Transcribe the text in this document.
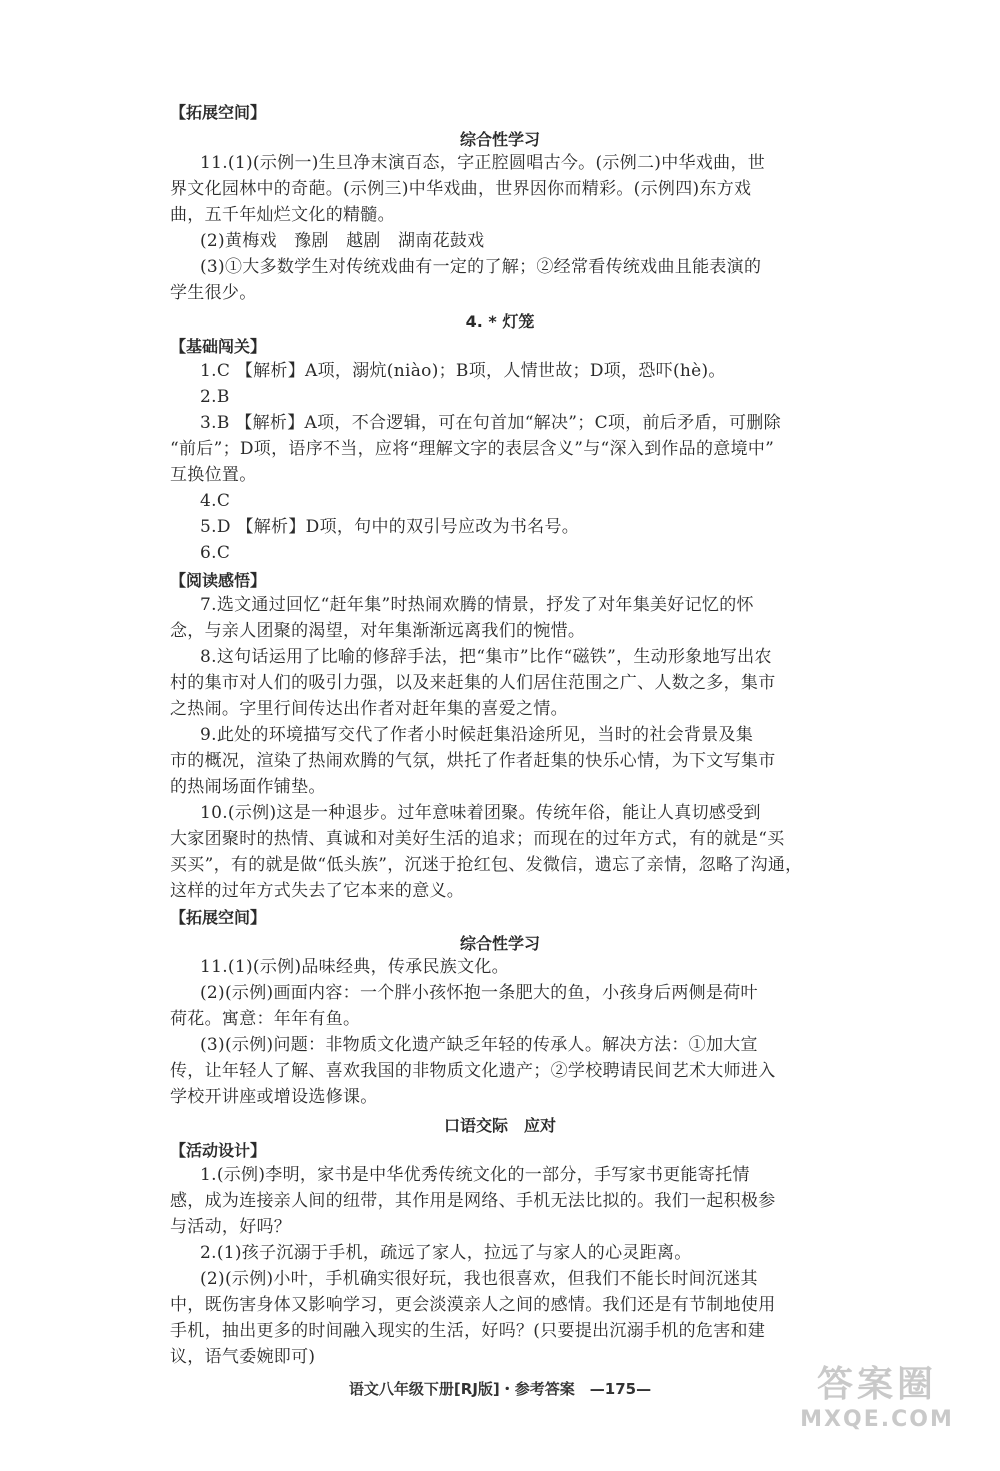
【拓展空间】
综合性学习
11.(1)(示例一)生旦净末演百态，字正腔圆唱古今。(示例二)中华戏曲，世
界文化园林中的奇葩。(示例三)中华戏曲，世界因你而精彩。(示例四)东方戏
曲，五千年灿烂文化的精髓。
(2)黄梅戏　豫剧　越剧　湖南花鼓戏
(3)①大多数学生对传统戏曲有一定的了解；②经常看传统戏曲且能表演的
学生很少。
4. * 灯笼
【基础闯关】
1.C 【解析】A项，溺炕(niào)；B项，人情世故；D项，恐吓(hè)。
2.B
3.B 【解析】A项，不合逻辑，可在句首加“解决”；C项，前后矛盾，可删除
“前后”；D项，语序不当，应将“理解文字的表层含义”与“深入到作品的意境中”
互换位置。
4.C
5.D 【解析】D项，句中的双引号应改为书名号。
6.C
【阅读感悟】
7.选文通过回忆“赶年集”时热闹欢腾的情景，抒发了对年集美好记忆的怀
念，与亲人团聚的渴望，对年集渐渐远离我们的惋惜。
8.这句话运用了比喻的修辞手法，把“集市”比作“磁铁”，生动形象地写出农
村的集市对人们的吸引力强，以及来赶集的人们居住范围之广、人数之多，集市
之热闹。字里行间传达出作者对赶年集的喜爱之情。
9.此处的环境描写交代了作者小时候赶集沿途所见，当时的社会背景及集
市的概况，渲染了热闹欢腾的气氛，烘托了作者赶集的快乐心情，为下文写集市
的热闹场面作铺垫。
10.(示例)这是一种退步。过年意味着团聚。传统年俗，能让人真切感受到
大家团聚时的热情、真诚和对美好生活的追求；而现在的过年方式，有的就是“买
买买”，有的就是做“低头族”，沉迷于抢红包、发微信，遗忘了亲情，忽略了沟通，
这样的过年方式失去了它本来的意义。
【拓展空间】
综合性学习
11.(1)(示例)品味经典，传承民族文化。
(2)(示例)画面内容：一个胖小孩怀抱一条肥大的鱼，小孩身后两侧是荷叶
荷花。寓意：年年有鱼。
(3)(示例)问题：非物质文化遗产缺乏年轻的传承人。解决方法：①加大宣
传，让年轻人了解、喜欢我国的非物质文化遗产；②学校聘请民间艺术大师进入
学校开讲座或增设选修课。
口语交际　应对
【活动设计】
1.(示例)李明，家书是中华优秀传统文化的一部分，手写家书更能寄托情
感，成为连接亲人间的纽带，其作用是网络、手机无法比拟的。我们一起积极参
与活动，好吗？
2.(1)孩子沉溺于手机，疏远了家人，拉远了与家人的心灵距离。
(2)(示例)小叶，手机确实很好玩，我也很喜欢，但我们不能长时间沉迷其
中，既伤害身体又影响学习，更会淡漠亲人之间的感情。我们还是有节制地使用
手机，抽出更多的时间融入现实的生活，好吗？(只要提出沉溺手机的危害和建
议，语气委婉即可)
语文八年级下册[RJ版]・参考答案　—175—	答案圈
MXQE.COM
